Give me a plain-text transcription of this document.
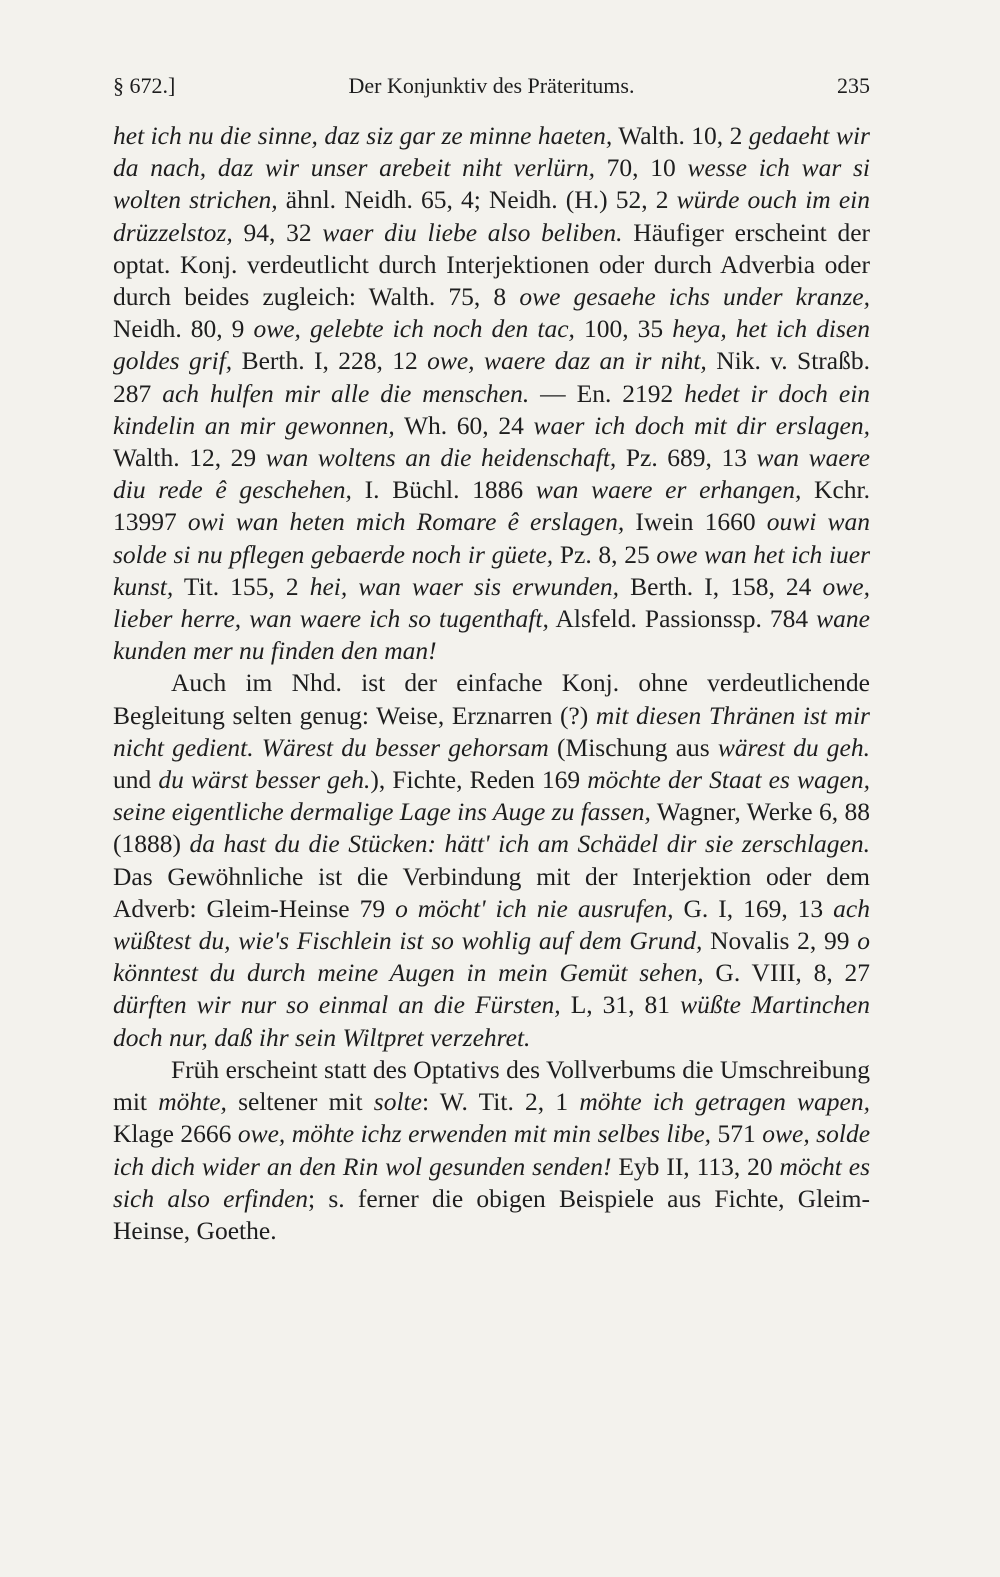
§ 672.]	Der Konjunktiv des Präteritums.	235

het ich nu die sinne, daz siz gar ze minne haeten, Walth. 10, 2 gedaeht wir da nach, daz wir unser arebeit niht verlürn, 70, 10 wesse ich war si wolten strichen, ähnl. Neidh. 65, 4; Neidh. (H.) 52, 2 würde ouch im ein drüzzelstoz, 94, 32 waer diu liebe also beliben. Häufiger erscheint der optat. Konj. verdeutlicht durch Interjektionen oder durch Adverbia oder durch beides zugleich: Walth. 75, 8 owe gesaehe ichs under kranze, Neidh. 80, 9 owe, gelebte ich noch den tac, 100, 35 heya, het ich disen goldes grif, Berth. I, 228, 12 owe, waere daz an ir niht, Nik. v. Straßb. 287 ach hulfen mir alle die menschen. — En. 2192 hedet ir doch ein kindelin an mir gewonnen, Wh. 60, 24 waer ich doch mit dir erslagen, Walth. 12, 29 wan woltens an die heidenschaft, Pz. 689, 13 wan waere diu rede ê geschehen, I. Büchl. 1886 wan waere er erhangen, Kchr. 13997 owi wan heten mich Romare ê erslagen, Iwein 1660 ouwi wan solde si nu pflegen gebaerde noch ir güete, Pz. 8, 25 owe wan het ich iuer kunst, Tit. 155, 2 hei, wan waer sis erwunden, Berth. I, 158, 24 owe, lieber herre, wan waere ich so tugenthaft, Alsfeld. Passionssp. 784 wane kunden mer nu finden den man!

Auch im Nhd. ist der einfache Konj. ohne verdeutlichende Begleitung selten genug: Weise, Erznarren (?) mit diesen Thränen ist mir nicht gedient. Wärest du besser gehorsam (Mischung aus wärest du geh. und du wärst besser geh.), Fichte, Reden 169 möchte der Staat es wagen, seine eigentliche dermalige Lage ins Auge zu fassen, Wagner, Werke 6, 88 (1888) da hast du die Stücken: hätt' ich am Schädel dir sie zerschlagen. Das Gewöhnliche ist die Verbindung mit der Interjektion oder dem Adverb: Gleim-Heinse 79 o möcht' ich nie ausrufen, G. I, 169, 13 ach wüßtest du, wie's Fischlein ist so wohlig auf dem Grund, Novalis 2, 99 o könntest du durch meine Augen in mein Gemüt sehen, G. VIII, 8, 27 dürften wir nur so einmal an die Fürsten, L, 31, 81 wüßte Martinchen doch nur, daß ihr sein Wiltpret verzehret.

Früh erscheint statt des Optativs des Vollverbums die Umschreibung mit möhte, seltener mit solte: W. Tit. 2, 1 möhte ich getragen wapen, Klage 2666 owe, möhte ichz erwenden mit min selbes libe, 571 owe, solde ich dich wider an den Rin wol gesunden senden! Eyb II, 113, 20 möcht es sich also erfinden; s. ferner die obigen Beispiele aus Fichte, Gleim-Heinse, Goethe.
